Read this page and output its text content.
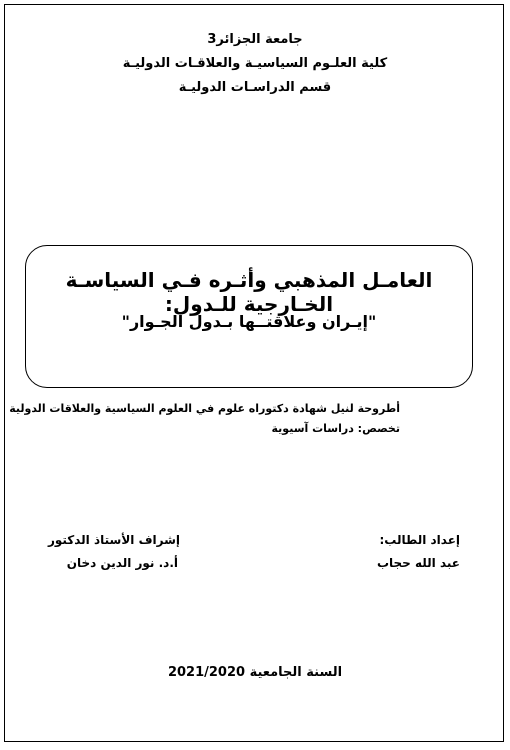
جامعة الجزائر3
كلية العلـوم السياسيـة والعلاقـات الدوليـة
قسم الدراسـات الدوليـة
العامـل المذهبي وأثـره فـي السياسـة الخـارجية للـدول:
"إيـران وعلاقتــها بـدول الجـوار"
أطروحة لنيل شهادة دكتوراه علوم في العلوم السياسية والعلاقات الدولية
تخصص: دراسات آسيوية
إعداد الطالب:
عبد الله حجاب
إشراف الأستاذ الدكتور
أ.د. نور الدين دخان
السنة الجامعية 2021/2020
